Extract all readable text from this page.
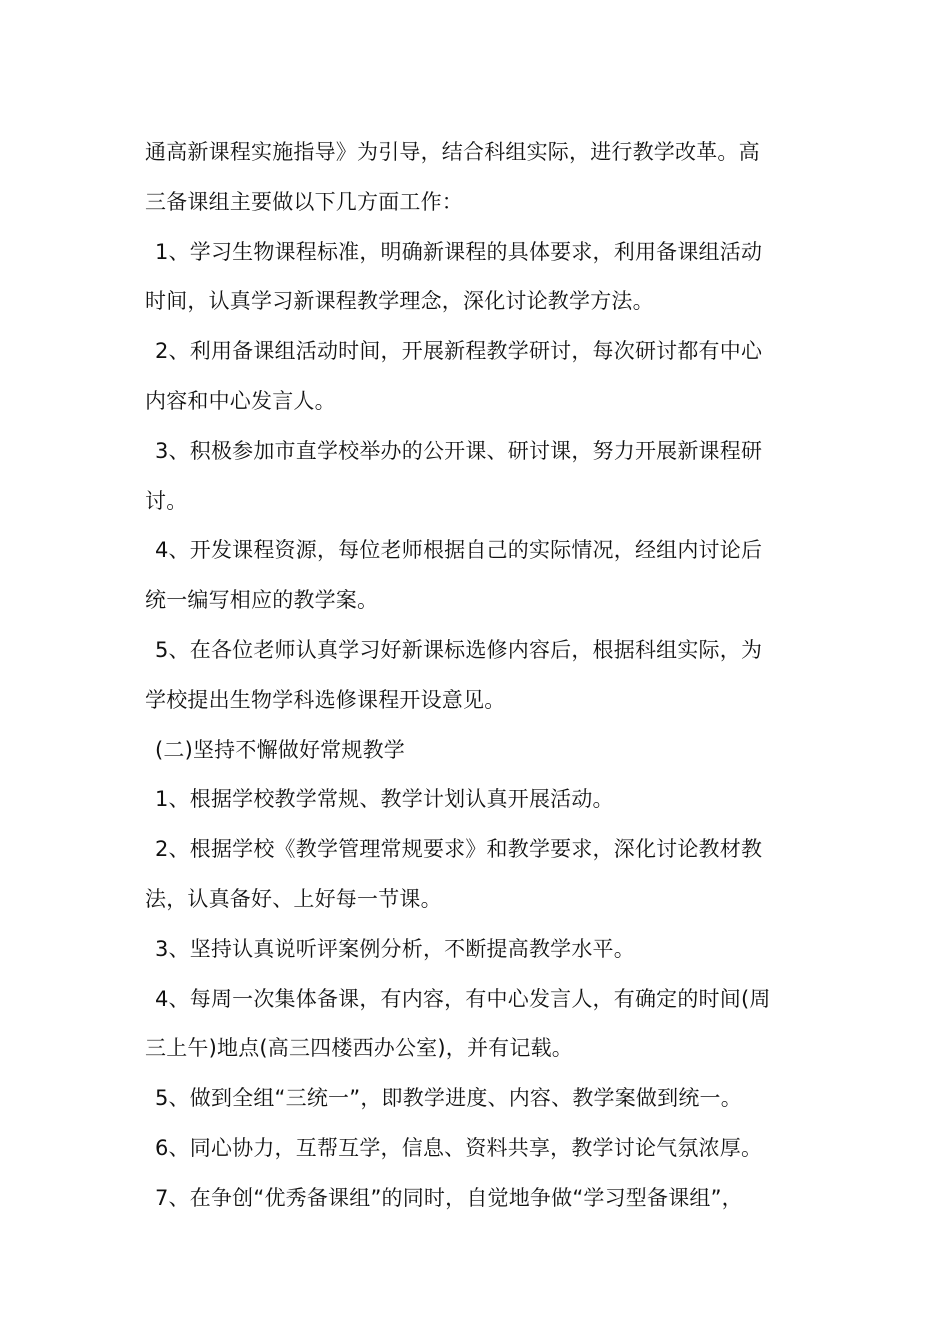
通高新课程实施指导》为引导，结合科组实际，进行教学改革。高
三备课组主要做以下几方面工作：
1、学习生物课程标准，明确新课程的具体要求，利用备课组活动
时间，认真学习新课程教学理念，深化讨论教学方法。
2、利用备课组活动时间，开展新程教学研讨，每次研讨都有中心
内容和中心发言人。
3、积极参加市直学校举办的公开课、研讨课，努力开展新课程研
讨。
4、开发课程资源，每位老师根据自己的实际情况，经组内讨论后
统一编写相应的教学案。
5、在各位老师认真学习好新课标选修内容后，根据科组实际，为
学校提出生物学科选修课程开设意见。
(二)坚持不懈做好常规教学
1、根据学校教学常规、教学计划认真开展活动。
2、根据学校《教学管理常规要求》和教学要求，深化讨论教材教
法，认真备好、上好每一节课。
3、坚持认真说听评案例分析，不断提高教学水平。
4、每周一次集体备课，有内容，有中心发言人，有确定的时间(周
三上午)地点(高三四楼西办公室)，并有记载。
5、做到全组“三统一”，即教学进度、内容、教学案做到统一。
6、同心协力，互帮互学，信息、资料共享，教学讨论气氛浓厚。
7、在争创“优秀备课组”的同时，自觉地争做“学习型备课组”，
